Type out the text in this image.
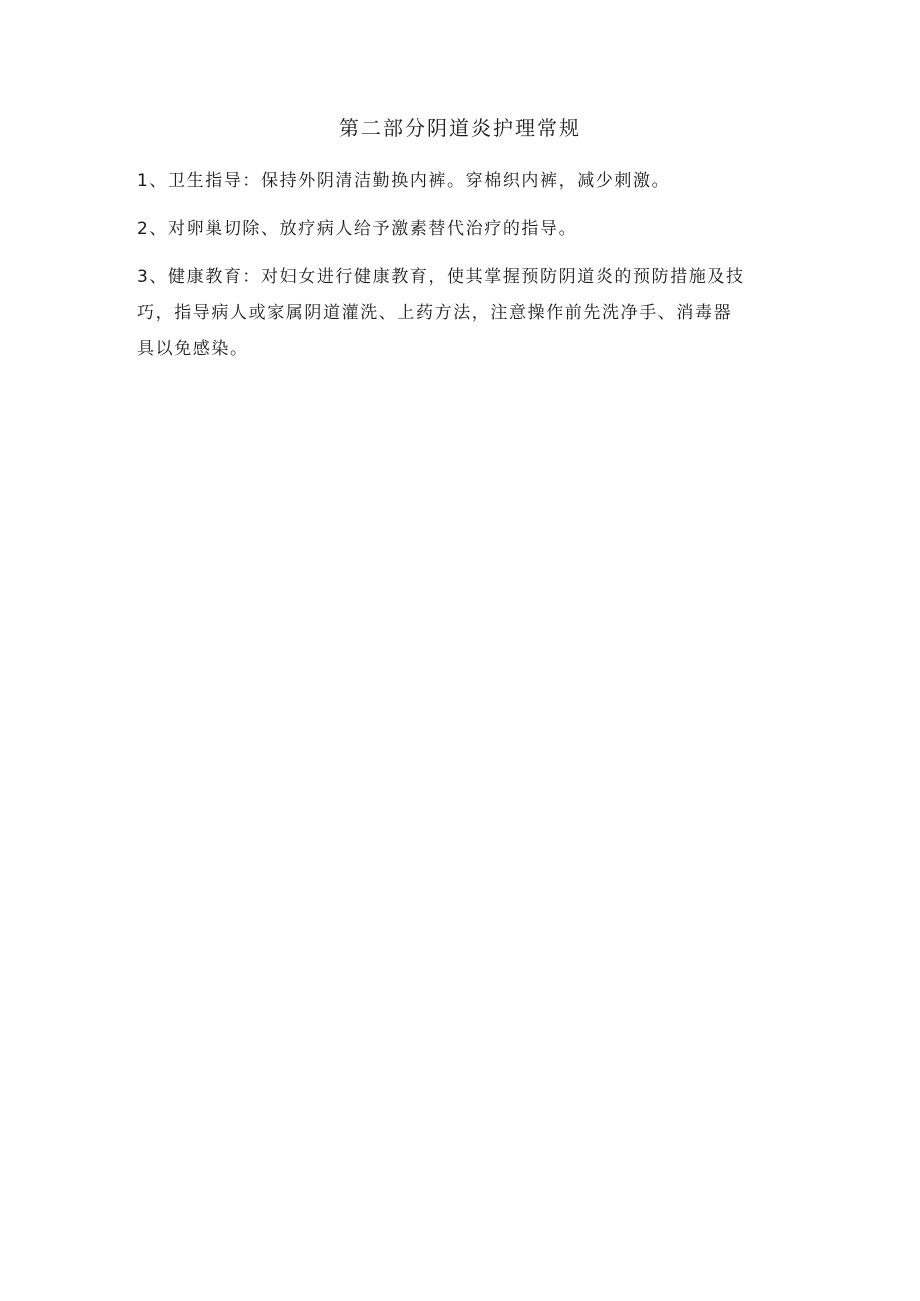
第二部分阴道炎护理常规

1、卫生指导：保持外阴清洁勤换内裤。穿棉织内裤，减少刺激。

2、对卵巢切除、放疗病人给予激素替代治疗的指导。

3、健康教育：对妇女进行健康教育，使其掌握预防阴道炎的预防措施及技
巧，指导病人或家属阴道灌洗、上药方法，注意操作前先洗净手、消毒器
具以免感染。
